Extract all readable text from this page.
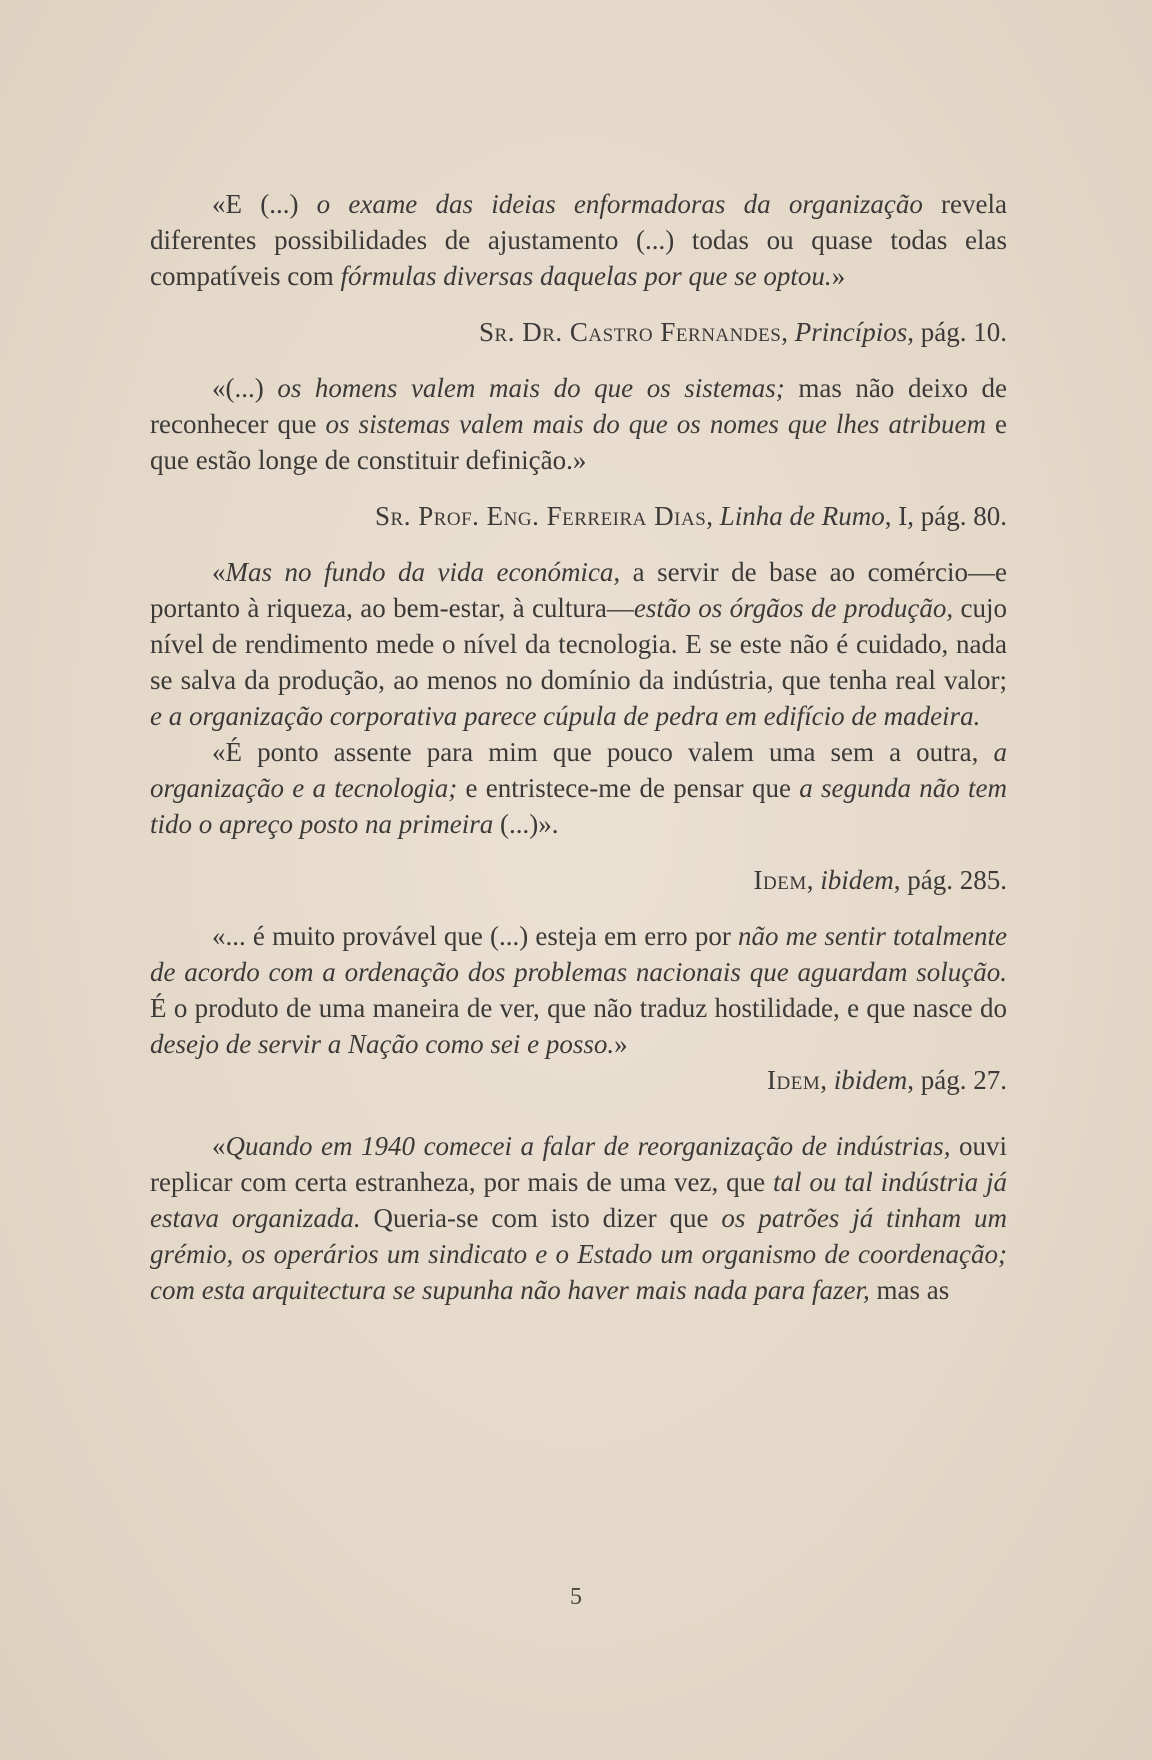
«E (...) o exame das ideias enformadoras da organização revela diferentes possibilidades de ajustamento (...) todas ou quase todas elas compatíveis com fórmulas diversas daquelas por que se optou.»

Sr. Dr. Castro Fernandes, Princípios, pág. 10.

«(...) os homens valem mais do que os sistemas; mas não deixo de reconhecer que os sistemas valem mais do que os nomes que lhes atribuem e que estão longe de constituir definição.»

Sr. Prof. Eng. Ferreira Dias, Linha de Rumo, I, pág. 80.

«Mas no fundo da vida económica, a servir de base ao comércio—e portanto à riqueza, ao bem-estar, à cultura—estão os órgãos de produção, cujo nível de rendimento mede o nível da tecnologia. E se este não é cuidado, nada se salva da produção, ao menos no domínio da indústria, que tenha real valor; e a organização corporativa parece cúpula de pedra em edifício de madeira.

«É ponto assente para mim que pouco valem uma sem a outra, a organização e a tecnologia; e entristece-me de pensar que a segunda não tem tido o apreço posto na primeira (...)».

Idem, ibidem, pág. 285.

«... é muito provável que (...) esteja em erro por não me sentir totalmente de acordo com a ordenação dos problemas nacionais que aguardam solução. É o produto de uma maneira de ver, que não traduz hostilidade, e que nasce do desejo de servir a Nação como sei e posso.»

Idem, ibidem, pág. 27.

«Quando em 1940 comecei a falar de reorganização de indústrias, ouvi replicar com certa estranheza, por mais de uma vez, que tal ou tal indústria já estava organizada. Queria-se com isto dizer que os patrões já tinham um grémio, os operários um sindicato e o Estado um organismo de coordenação; com esta arquitectura se supunha não haver mais nada para fazer, mas as

5
